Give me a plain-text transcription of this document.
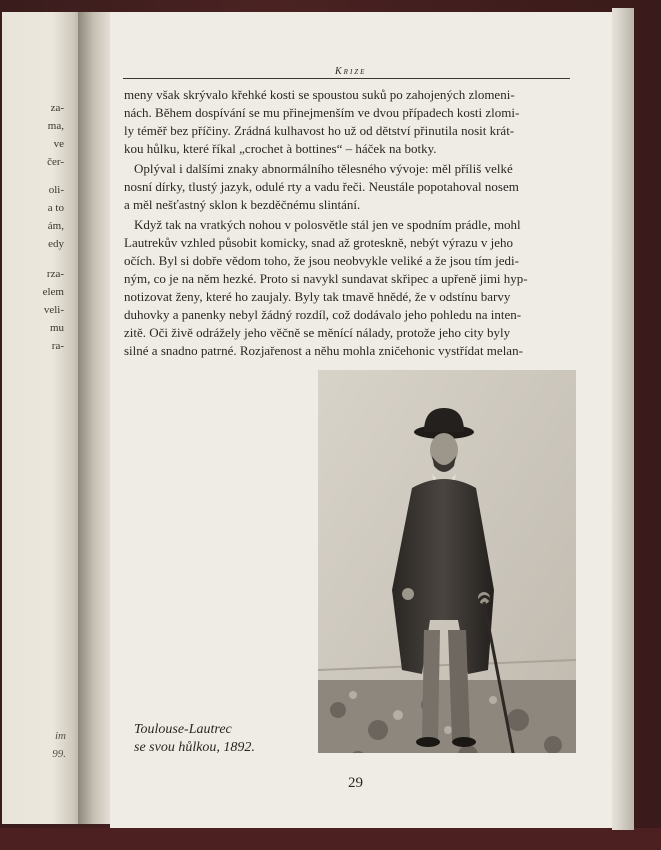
za-
ma,
ve
čer-
oli-
a to
ám,
edy
rza-
elem
veli-
mu
ra-
im
99.
Krize
Toulouse-Lautrec
se svou hůlkou, 1892.
29
meny však skrývalo křehké kosti se spoustou suků po zahojených zlomeni-
nách. Během dospívání se mu přinejmenším ve dvou případech kosti zlomi-
ly téměř bez příčiny. Zrádná kulhavost ho už od dětství přinutila nosit krát-
kou hůlku, které říkal „crochet à bottines“ – háček na botky.
Oplýval i dalšími znaky abnormálního tělesného vývoje: měl příliš velké
nosní dírky, tlustý jazyk, odulé rty a vadu řeči. Neustále popotahoval nosem
a měl nešťastný sklon k bezděčnému slintání.
Když tak na vratkých nohou v polosvětle stál jen ve spodním prádle, mohl
Lautrekův vzhled působit komicky, snad až groteskně, nebýt výrazu v jeho
očích. Byl si dobře vědom toho, že jsou neobvykle veliké a že jsou tím jedi-
ným, co je na něm hezké. Proto si navykl sundavat skřipec a upřeně jimi hyp-
notizovat ženy, které ho zaujaly. Byly tak tmavě hnědé, že v odstínu barvy
duhovky a panenky nebyl žádný rozdíl, což dodávalo jeho pohledu na inten-
zitě. Oči živě odrážely jeho věčně se měnící nálady, protože jeho city byly
silné a snadno patrné. Rozjařenost a něhu mohla zničehonic vystřídat melan-
